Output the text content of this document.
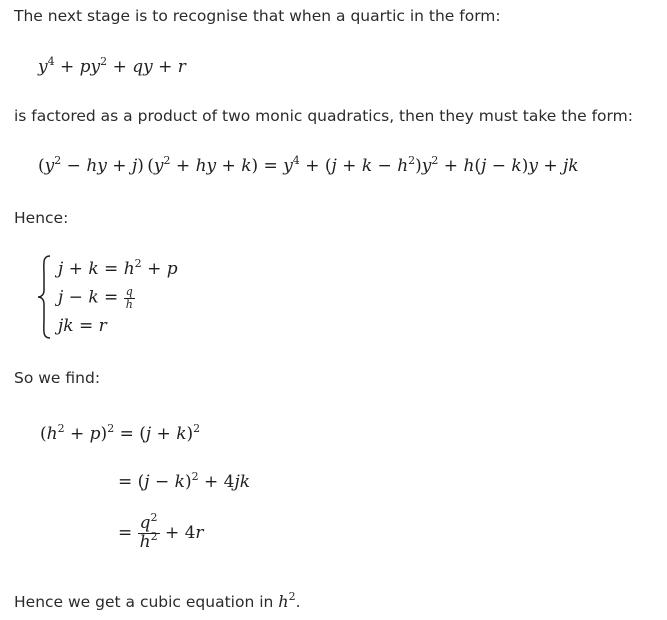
The next stage is to recognise that when a quartic in the form:
$y^4 + py^2$ + qy + r
is factored as a product of two monic quadratics, then they must take the form:
($y^2$ − hy + j) ($y^2$ + hy + $k) = y^4 + (j + k - h^2)y^2 + h(j - k)y$ + jk
Hence:
$j + k = h^2 + p$
$j - k = \frac{q}{h}$
jk = r
So we find:
$(h^2 + p)^2 = (j + k)^2$
= $(j - k)^2 + 4jk$
= $\frac{q^2}{h^2} + 4r$
Hence we get a cubic equation in $h^2$.
